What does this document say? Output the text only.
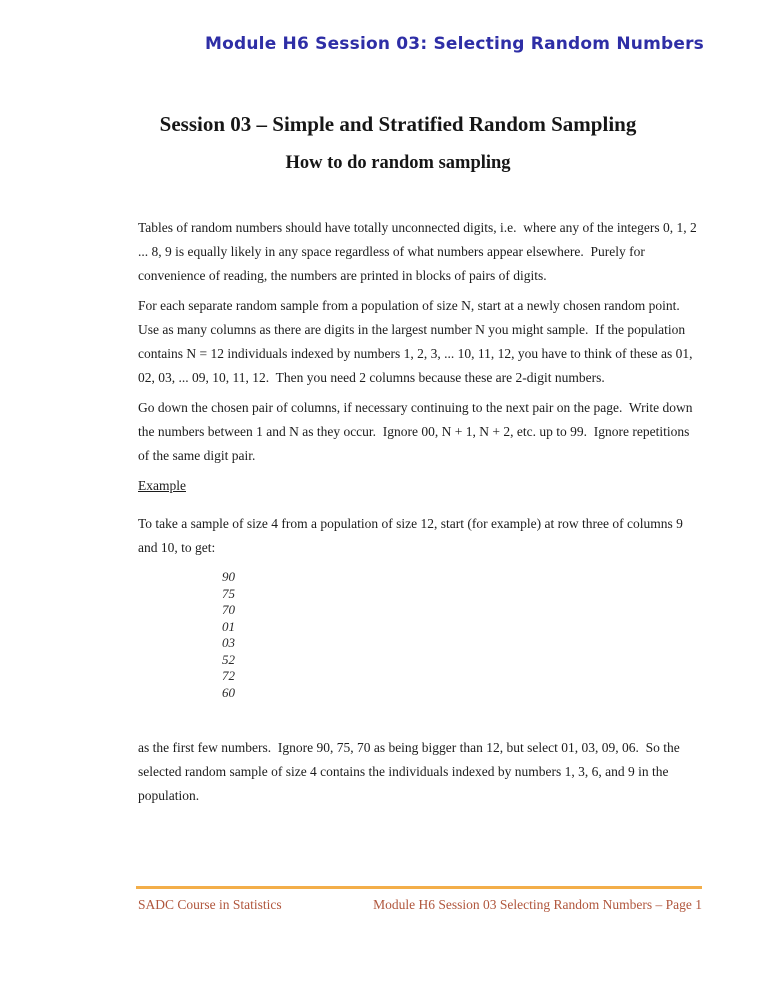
Module H6 Session 03: Selecting Random Numbers
Session 03 – Simple and Stratified Random Sampling
How to do random sampling

Tables of random numbers should have totally unconnected digits, i.e.  where any of the integers 0, 1, 2 ... 8, 9 is equally likely in any space regardless of what numbers appear elsewhere.  Purely for convenience of reading, the numbers are printed in blocks of pairs of digits.

For each separate random sample from a population of size N, start at a newly chosen random point.  Use as many columns as there are digits in the largest number N you might sample.  If the population contains N = 12 individuals indexed by numbers 1, 2, 3, ... 10, 11, 12, you have to think of these as 01, 02, 03, ... 09, 10, 11, 12.  Then you need 2 columns because these are 2-digit numbers.

Go down the chosen pair of columns, if necessary continuing to the next pair on the page.  Write down the numbers between 1 and N as they occur.  Ignore 00, N + 1, N + 2, etc. up to 99.  Ignore repetitions of the same digit pair.

Example

To take a sample of size 4 from a population of size 12, start (for example) at row three of columns 9 and 10, to get:

90
75
70
01
03
52
72
60

as the first few numbers.  Ignore 90, 75, 70 as being bigger than 12, but select 01, 03, 09, 06.  So the selected random sample of size 4 contains the individuals indexed by numbers 1, 3, 6, and 9 in the population.

SADC Course in Statistics	Module H6 Session 03 Selecting Random Numbers – Page 1
